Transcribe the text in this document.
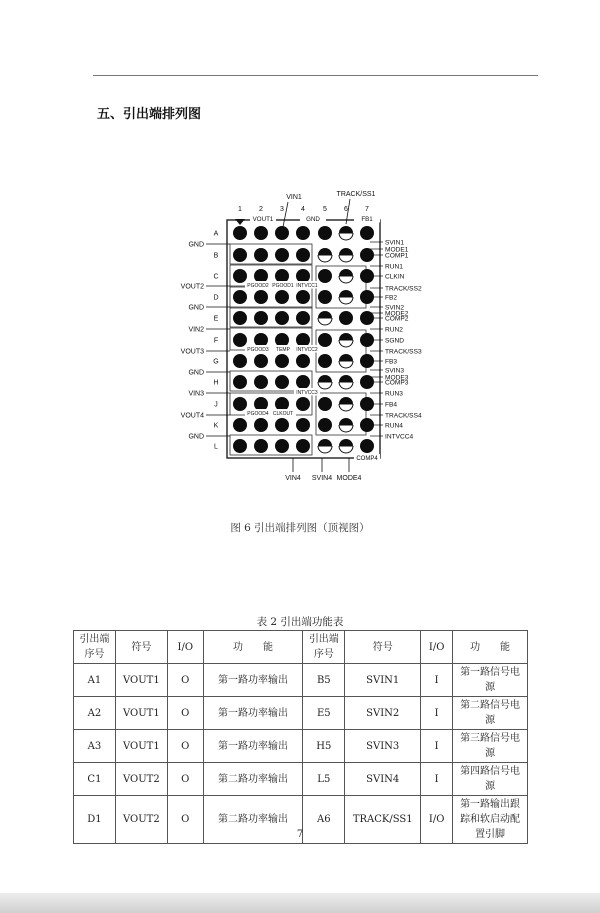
五、引出端排列图
1 2 3 4	5 6 7
A
B
C
D
E
F
G
H
J
K
L
VOUT1	GND	FB1
PGOOD2 PGOOD1 INTVCC1
PGOOD3 TEMP INTVCC2
INTVCC3
PGOOD4 CLKOUT
COMP4
VIN1	TRACK/SS1
VIN4 SVIN4 MODE4
GND
VOUT2
GND
VIN2
VOUT3
GND
VIN3
VOUT4
GND
SVIN1
MODE1
COMP1
RUN1
CLKIN
TRACK/SS2
FB2
SVIN2
MODE2
COMP2
RUN2
SGND
TRACK/SS3
FB3
SVIN3
MODE3
COMP3
RUN3
FB4
TRACK/SS4
RUN4
INTVCC4
图 6 引出端排列图（顶视图）
表 2 引出端功能表
引出端序号	符号	I/O	功　　能	引出端序号	符号	I/O	功　　能
A1	VOUT1	O	第一路功率输出	B5	SVIN1	I	第一路信号电源
A2	VOUT1	O	第一路功率输出	E5	SVIN2	I	第二路信号电源
A3	VOUT1	O	第一路功率输出	H5	SVIN3	I	第三路信号电源
C1	VOUT2	O	第二路功率输出	L5	SVIN4	I	第四路信号电源
D1	VOUT2	O	第二路功率输出	A6	TRACK/SS1	I/O	第一路输出跟踪和软启动配置引脚
7
